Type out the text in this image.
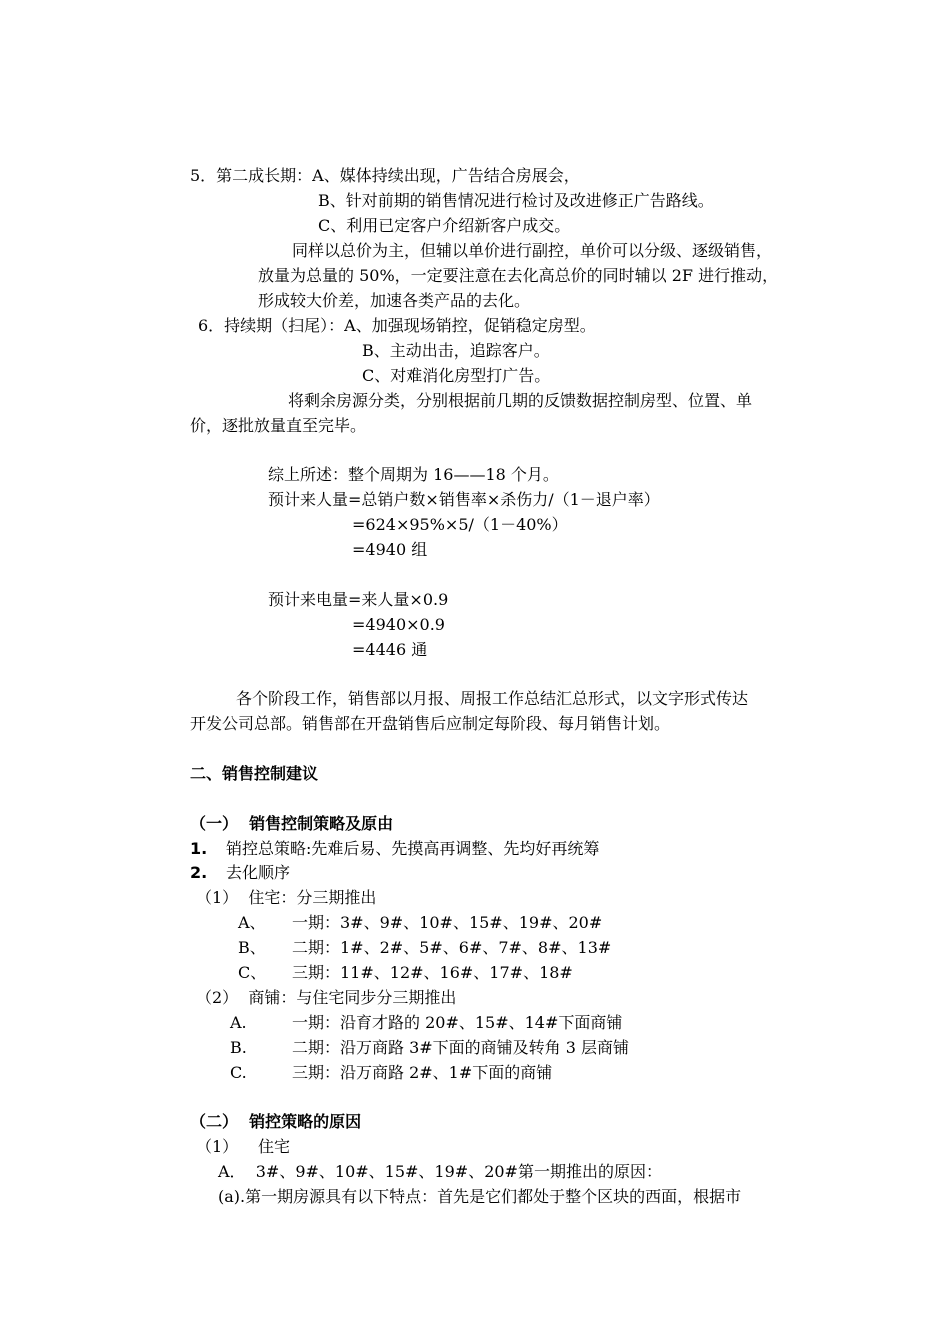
5．第二成长期：A、媒体持续出现，广告结合房展会，
B、针对前期的销售情况进行检讨及改进修正广告路线。
C、利用已定客户介绍新客户成交。
同样以总价为主，但辅以单价进行副控，单价可以分级、逐级销售，
放量为总量的 50%，一定要注意在去化高总价的同时辅以 2F 进行推动，
形成较大价差，加速各类产品的去化。
6．持续期（扫尾）：A、加强现场销控，促销稳定房型。
B、主动出击，追踪客户。
C、对难消化房型打广告。
将剩余房源分类，分别根据前几期的反馈数据控制房型、位置、单
价，逐批放量直至完毕。
综上所述：整个周期为 16——18 个月。
预计来人量=总销户数×销售率×杀伤力/（1－退户率）
=624×95%×5/（1－40%）
=4940 组
预计来电量=来人量×0.9
=4940×0.9
=4446 通
各个阶段工作，销售部以月报、周报工作总结汇总形式，以文字形式传达
开发公司总部。销售部在开盘销售后应制定每阶段、每月销售计划。
二、销售控制建议
（一）  销售控制策略及原由
1. 销控总策略:先难后易、先摸高再调整、先均好再统筹
2. 去化顺序
（1）  住宅：分三期推出
A、 一期：3#、9#、10#、15#、19#、20#
B、 二期：1#、2#、5#、6#、7#、8#、13#
C、 三期：11#、12#、16#、17#、18#
（2）  商铺：与住宅同步分三期推出
A.	一期：沿育才路的 20#、15#、14#下面商铺
B.	二期：沿万商路 3#下面的商铺及转角 3 层商铺
C.	三期：沿万商路 2#、1#下面的商铺
（二）  销控策略的原因
（1） 住宅
A．  3#、9#、10#、15#、19#、20#第一期推出的原因：
(a).第一期房源具有以下特点：首先是它们都处于整个区块的西面，根据市
